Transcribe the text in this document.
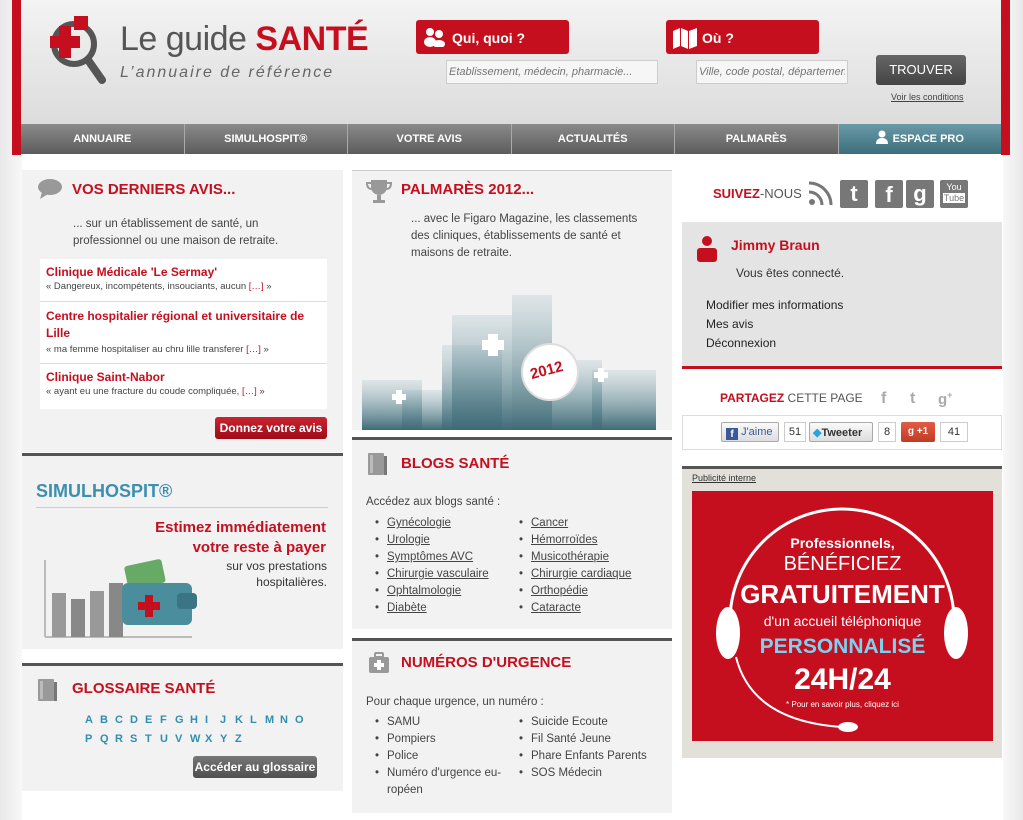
Le guide SANTÉ
L’annuaire de référence
Qui, quoi ?
Etablissement, médecin, pharmacie...	Où ?
Ville, code postal, département...
TROUVER
Voir les conditions
ANNUAIRE	SIMULHOSPIT®	VOTRE AVIS	ACTUALITÉS	PALMARÈS	ESPACE PRO
VOS DERNIERS AVIS...
... sur un établissement de santé, un professionnel ou une maison de retraite.
Clinique Médicale 'Le Sermay'

« Dangereux, incompétents, insouciants, aucun […] »

Centre hospitalier régional et universitaire de Lille

« ma femme hospitaliser au chru lille transferer […] »

Clinique Saint-Nabor

« ayant eu une fracture du coude compliquée, […] »

Donnez votre avis
SIMULHOSPIT®
Estimez immédiatement votre reste à payer
sur vos prestations hospitalières.
GLOSSAIRE SANTÉ
A B C D E F G H I J K L M N O
P Q R S T U V W X Y Z
Accéder au glossaire
PALMARÈS 2012...
... avec le Figaro Magazine, les classements des cliniques, établissements de santé et maisons de retraite.
2012
BLOGS SANTÉ
Accédez aux blogs santé :
• Gynécologie
• Urologie
• Symptômes AVC
• Chirurgie vasculaire
• Ophtalmologie
• Diabète
• Cancer
• Hémorroïdes
• Musicothérapie
• Chirurgie cardiaque
• Orthopédie
• Cataracte
NUMÉROS D'URGENCE
Pour chaque urgence, un numéro :
• SAMU
• Pompiers
• Police
• Numéro d'urgence eu-
ropéen
• Suicide Ecoute
• Fil Santé Jeune
• Phare Enfants Parents
• SOS Médecin
SUIVEZ-NOUS	t	f g	You
Tube
Jimmy Braun
Vous êtes connecté.
Modifier mes informations
Mes avis
Déconnexion
PARTAGEZ CETTE PAGE f t g+
f J'aime	51	◆Tweeter	8	g +1	41
Publicité interne
Professionnels,
BÉNÉFICIEZ
GRATUITEMENT
d'un accueil téléphonique
PERSONNALISÉ
24H/24
* Pour en savoir plus, cliquez ici
